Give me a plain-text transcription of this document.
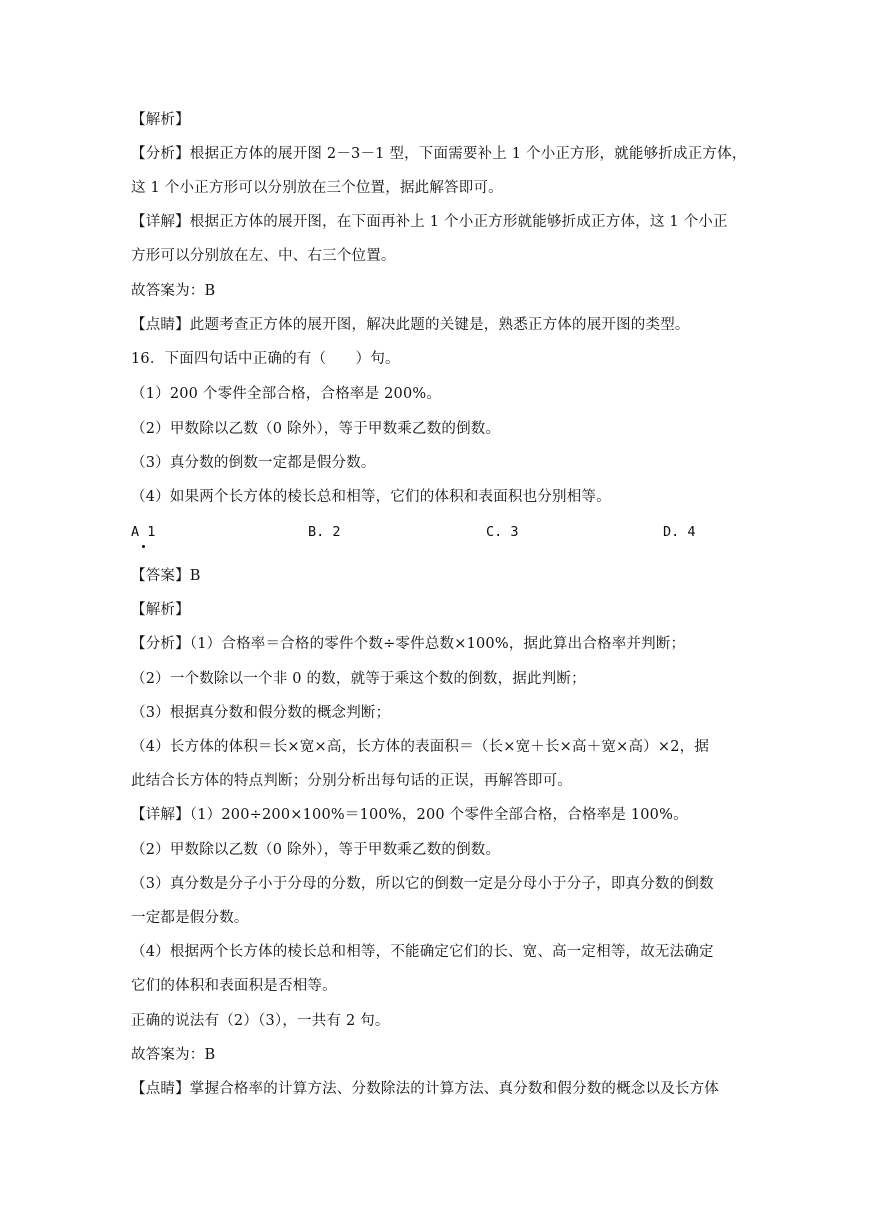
【解析】
【分析】根据正方体的展开图 2－3－1 型，下面需要补上 1 个小正方形，就能够折成正方体，
这 1 个小正方形可以分别放在三个位置，据此解答即可。
【详解】根据正方体的展开图，在下面再补上 1 个小正方形就能够折成正方体，这 1 个小正
方形可以分别放在左、中、右三个位置。
故答案为：B
【点睛】此题考查正方体的展开图，解决此题的关键是，熟悉正方体的展开图的类型。
16．下面四句话中正确的有（　　）句。
（1）200 个零件全部合格，合格率是 200%。
（2）甲数除以乙数（0 除外），等于甲数乘乙数的倒数。
（3）真分数的倒数一定都是假分数。
（4）如果两个长方体的棱长总和相等，它们的体积和表面积也分别相等。
A 1	B. 2	C. 3	D. 4
【答案】B
【解析】
【分析】（1）合格率＝合格的零件个数÷零件总数×100%，据此算出合格率并判断；
（2）一个数除以一个非 0 的数，就等于乘这个数的倒数，据此判断；
（3）根据真分数和假分数的概念判断；
（4）长方体的体积＝长×宽×高，长方体的表面积＝（长×宽＋长×高＋宽×高）×2，据
此结合长方体的特点判断；分别分析出每句话的正误，再解答即可。
【详解】（1）200÷200×100%＝100%，200 个零件全部合格，合格率是 100%。
（2）甲数除以乙数（0 除外），等于甲数乘乙数的倒数。
（3）真分数是分子小于分母的分数，所以它的倒数一定是分母小于分子，即真分数的倒数
一定都是假分数。
（4）根据两个长方体的棱长总和相等，不能确定它们的长、宽、高一定相等，故无法确定
它们的体积和表面积是否相等。
正确的说法有（2）（3），一共有 2 句。
故答案为：B
【点睛】掌握合格率的计算方法、分数除法的计算方法、真分数和假分数的概念以及长方体
